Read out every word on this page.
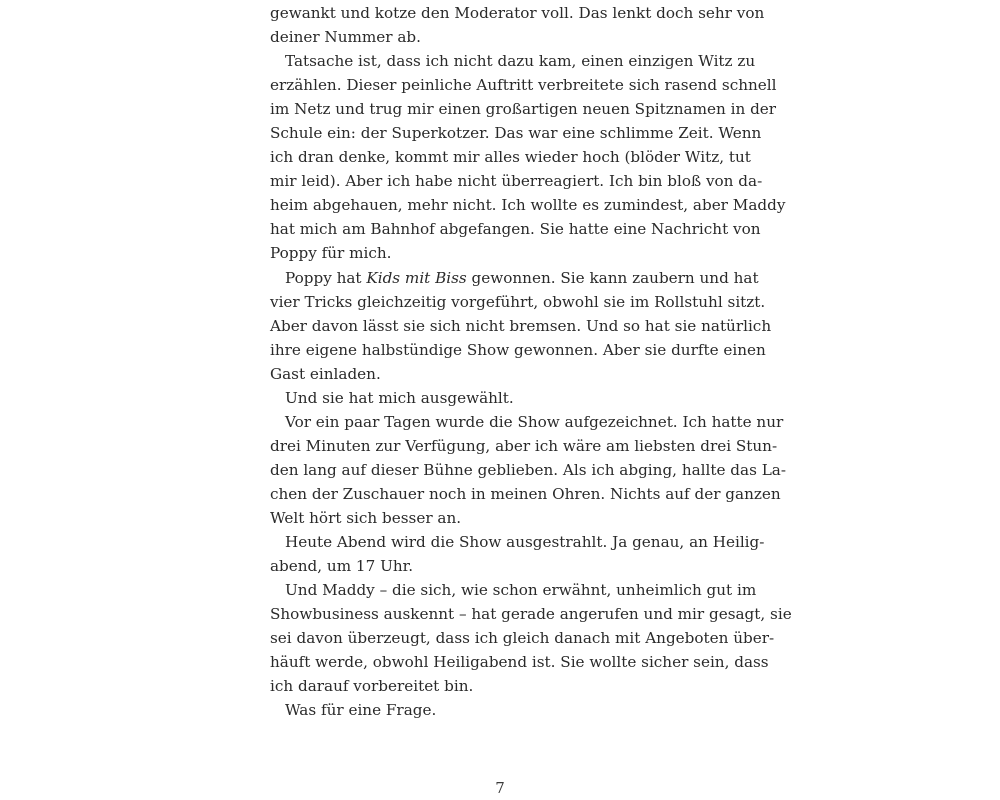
gewankt und kotze den Moderator voll. Das lenkt doch sehr von
deiner Nummer ab.

Tatsache ist, dass ich nicht dazu kam, einen einzigen Witz zu
erzählen. Dieser peinliche Auftritt verbreitete sich rasend schnell
im Netz und trug mir einen großartigen neuen Spitznamen in der
Schule ein: der Superkotzer. Das war eine schlimme Zeit. Wenn
ich dran denke, kommt mir alles wieder hoch (blöder Witz, tut
mir leid). Aber ich habe nicht überreagiert. Ich bin bloß von da-
heim abgehauen, mehr nicht. Ich wollte es zumindest, aber Maddy
hat mich am Bahnhof abgefangen. Sie hatte eine Nachricht von
Poppy für mich.

Poppy hat Kids mit Biss gewonnen. Sie kann zaubern und hat
vier Tricks gleichzeitig vorgeführt, obwohl sie im Rollstuhl sitzt.
Aber davon lässt sie sich nicht bremsen. Und so hat sie natürlich
ihre eigene halbstündige Show gewonnen. Aber sie durfte einen
Gast einladen.

Und sie hat mich ausgewählt.

Vor ein paar Tagen wurde die Show aufgezeichnet. Ich hatte nur
drei Minuten zur Verfügung, aber ich wäre am liebsten drei Stun-
den lang auf dieser Bühne geblieben. Als ich abging, hallte das La-
chen der Zuschauer noch in meinen Ohren. Nichts auf der ganzen
Welt hört sich besser an.

Heute Abend wird die Show ausgestrahlt. Ja genau, an Heilig-
abend, um 17 Uhr.

Und Maddy – die sich, wie schon erwähnt, unheimlich gut im
Showbusiness auskennt – hat gerade angerufen und mir gesagt, sie
sei davon überzeugt, dass ich gleich danach mit Angeboten über-
häuft werde, obwohl Heiligabend ist. Sie wollte sicher sein, dass
ich darauf vorbereitet bin.

Was für eine Frage.

7
